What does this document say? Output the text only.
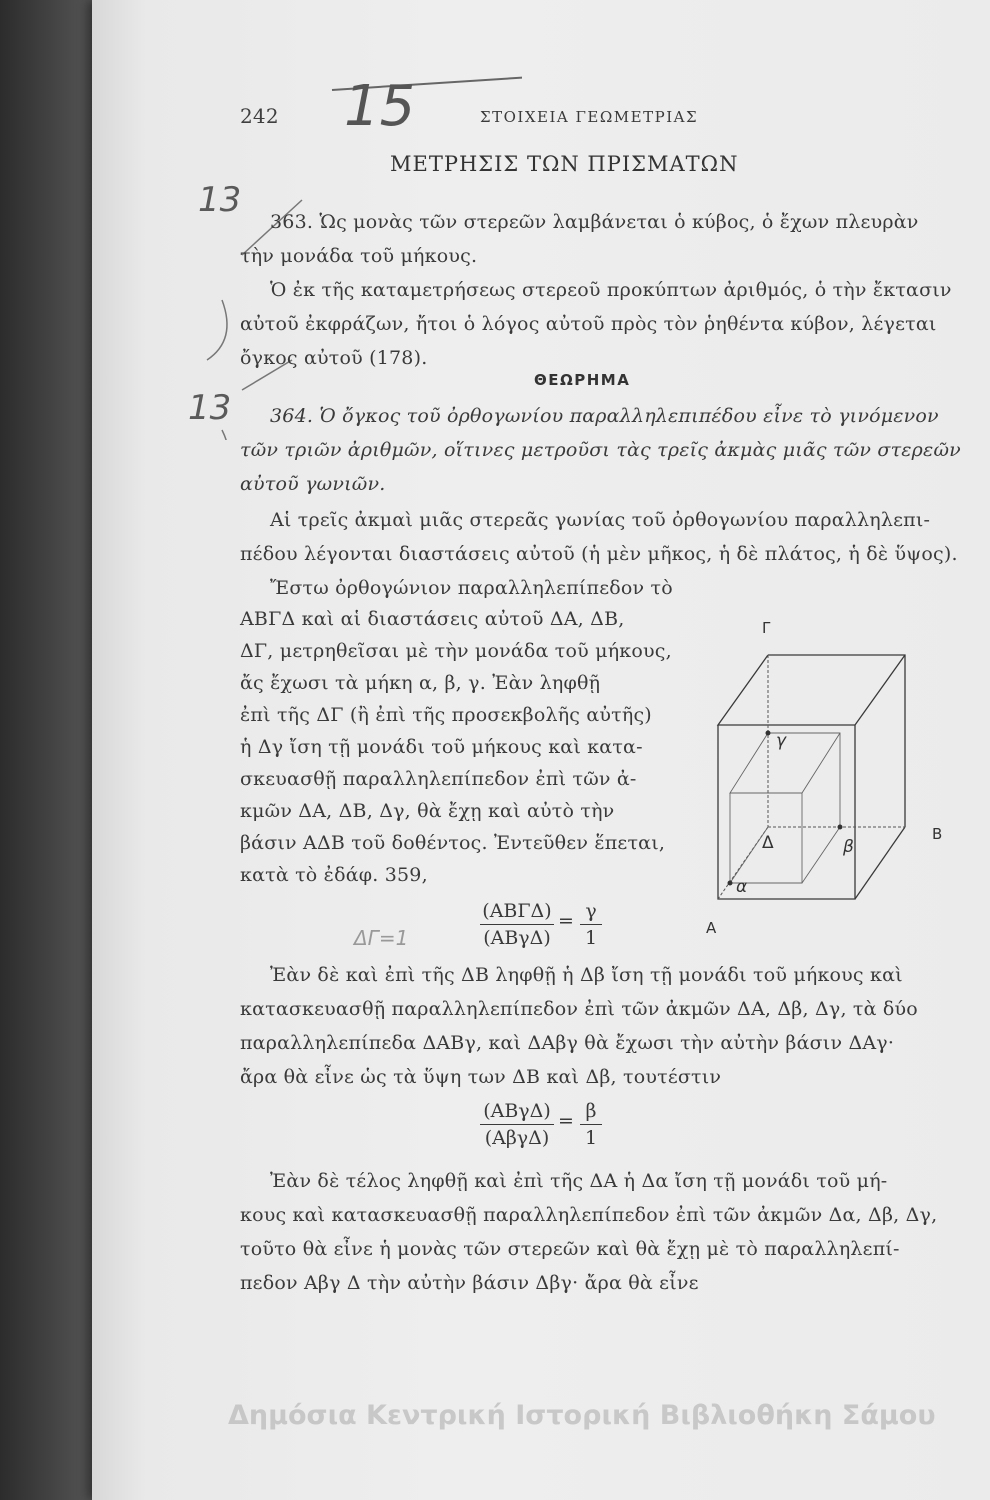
242	ΣΤΟΙΧΕΙΑ ΓΕΩΜΕΤΡΙΑΣ
ΜΕΤΡΗΣΙΣ ΤΩΝ ΠΡΙΣΜΑΤΩΝ
15
13
13
ΔΓ=1
363. Ὡς μονὰς τῶν στερεῶν λαμβάνεται ὁ κύβος, ὁ ἔχων πλευρὰν
τὴν μονάδα τοῦ μήκους.
Ὁ ἐκ τῆς καταμετρήσεως στερεοῦ προκύπτων ἀριθμός, ὁ τὴν ἔκτασιν
αὐτοῦ ἐκφράζων, ἤτοι ὁ λόγος αὐτοῦ πρὸς τὸν ῥηθέντα κύβον, λέγεται
ὄγκος αὐτοῦ (178).
ΘΕΩΡΗΜΑ
364. Ὁ ὄγκος τοῦ ὀρθογωνίου παραλληλεπιπέδου εἶνε τὸ γινόμενον
τῶν τριῶν ἀριθμῶν, οἵτινες μετροῦσι τὰς τρεῖς ἀκμὰς μιᾶς τῶν στερεῶν
αὐτοῦ γωνιῶν.
Αἱ τρεῖς ἀκμαὶ μιᾶς στερεᾶς γωνίας τοῦ ὀρθογωνίου παραλληλεπι-
πέδου λέγονται διαστάσεις αὐτοῦ (ἡ μὲν μῆκος, ἡ δὲ πλάτος, ἡ δὲ ὕψος).
Ἔστω ὀρθογώνιον παραλληλεπίπεδον τὸ
ΑΒΓΔ καὶ αἱ διαστάσεις αὐτοῦ ΔΑ, ΔΒ,
ΔΓ, μετρηθεῖσαι μὲ τὴν μονάδα τοῦ μήκους,
ἄς ἔχωσι τὰ μήκη α, β, γ. Ἐὰν ληφθῇ
ἐπὶ τῆς ΔΓ (ἢ ἐπὶ τῆς προσεκβολῆς αὐτῆς)
ἡ Δγ ἴση τῇ μονάδι τοῦ μήκους καὶ κατα-
σκευασθῇ παραλληλεπίπεδον ἐπὶ τῶν ἀ-
κμῶν ΔΑ, ΔΒ, Δγ, θὰ ἔχῃ καὶ αὐτὸ τὴν
βάσιν ΑΔΒ τοῦ δοθέντος. Ἐντεῦθεν ἕπεται,
κατὰ τὸ ἐδάφ. 359,
(ΑΒΓΔ)
(ΑΒγΔ)
= γ
1
Ἐὰν δὲ καὶ ἐπὶ τῆς ΔΒ ληφθῇ ἡ Δβ ἴση τῇ μονάδι τοῦ μήκους καὶ
κατασκευασθῇ παραλληλεπίπεδον ἐπὶ τῶν ἀκμῶν ΔΑ, Δβ, Δγ, τὰ δύο
παραλληλεπίπεδα ΔΑΒγ, καὶ ΔΑβγ θὰ ἔχωσι τὴν αὐτὴν βάσιν ΔΑγ·
ἄρα θὰ εἶνε ὡς τὰ ὕψη των ΔΒ καὶ Δβ, τουτέστιν
(ΑΒγΔ)
(ΑβγΔ)
= β
1
Ἐὰν δὲ τέλος ληφθῇ καὶ ἐπὶ τῆς ΔΑ ἡ Δα ἴση τῇ μονάδι τοῦ μή-
κους καὶ κατασκευασθῇ παραλληλεπίπεδον ἐπὶ τῶν ἀκμῶν Δα, Δβ, Δγ,
τοῦτο θὰ εἶνε ἡ μονὰς τῶν στερεῶν καὶ θὰ ἔχῃ μὲ τὸ παραλληλεπί-
πεδον Αβγ Δ τὴν αὐτὴν βάσιν Δβγ· ἄρα θὰ εἶνε
Δημόσια Κεντρική Ιστορική Βιβλιοθήκη Σάμου
Γ
γ
Δ	β
B
α
A
